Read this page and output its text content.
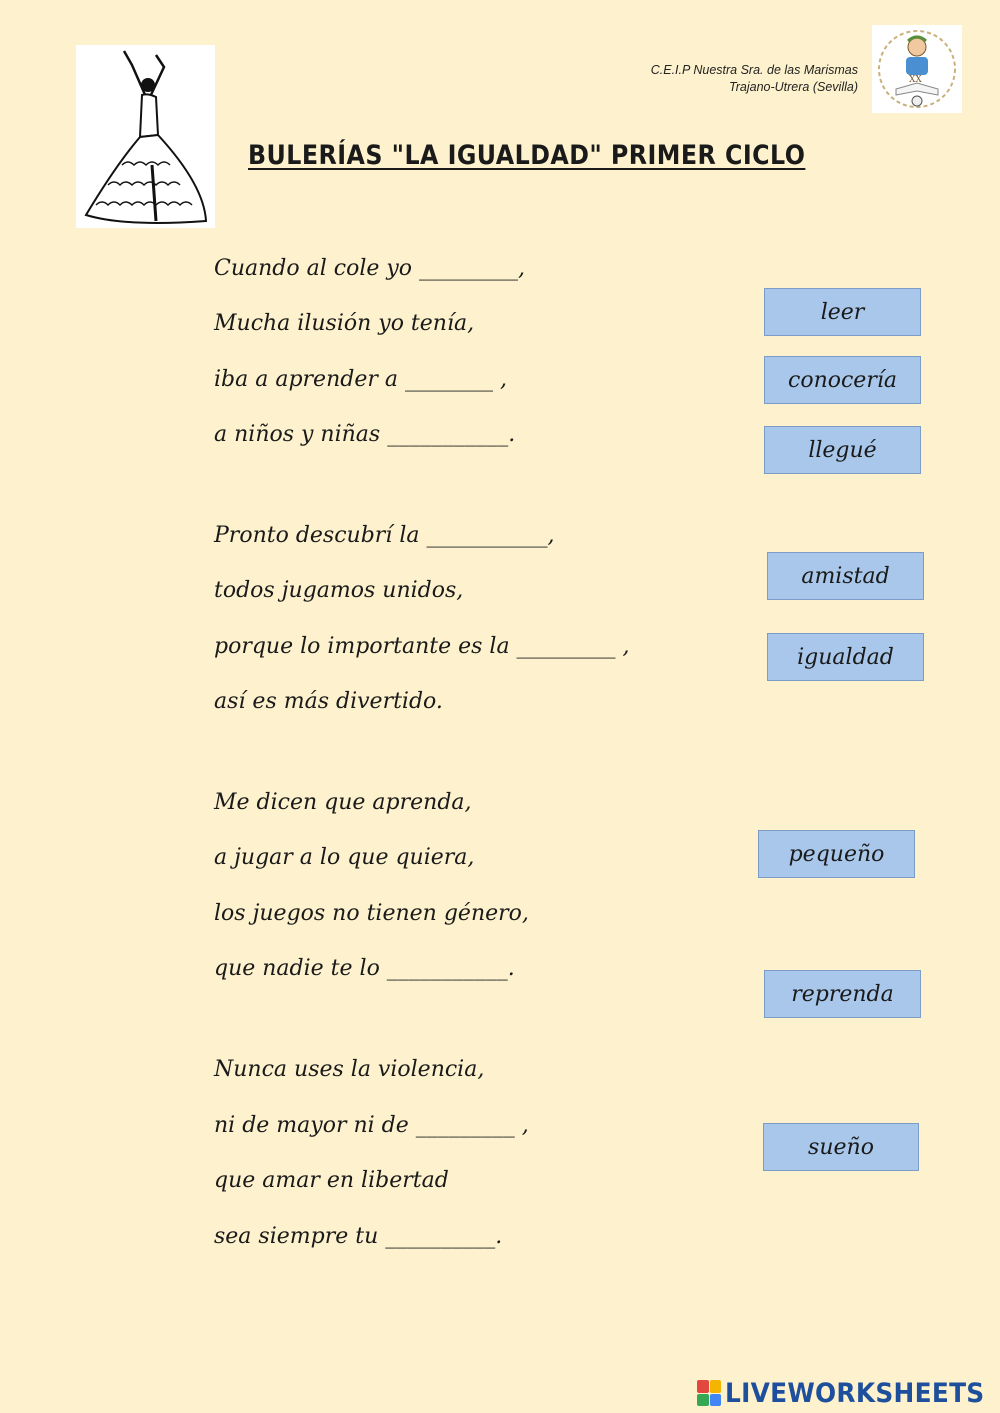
C.E.I.P Nuestra Sra. de las Marismas
Trajano-Utrera (Sevilla)	XX
BULERÍAS "LA IGUALDAD" PRIMER CICLO
Cuando al cole yo _________,
Mucha ilusión yo tenía,
iba a aprender a ________ ,
a niños y niñas ___________.
Pronto descubrí la ___________,
todos jugamos unidos,
porque lo importante es la _________ ,
así es más divertido.
Me dicen que aprenda,
a jugar a lo que quiera,
los juegos no tienen género,
que nadie te lo ___________.
Nunca uses la violencia,
ni de mayor ni de _________ ,
que amar en libertad
sea siempre tu __________.
leer
conocería
llegué
amistad
igualdad
pequeño
reprenda
sueño
LIVEWORKSHEETS
